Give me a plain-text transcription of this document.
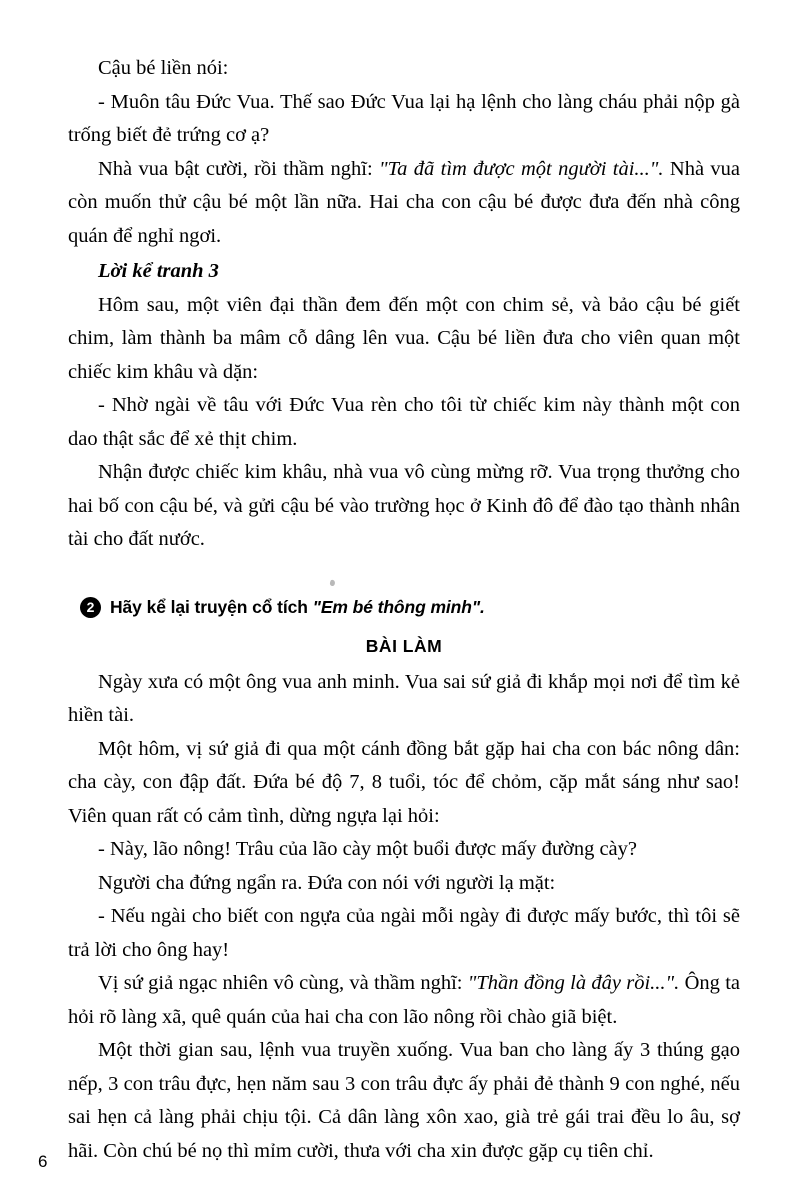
Cậu bé liền nói:

- Muôn tâu Đức Vua. Thế sao Đức Vua lại hạ lệnh cho làng cháu phải nộp gà trống biết đẻ trứng cơ ạ?

Nhà vua bật cười, rồi thầm nghĩ: "Ta đã tìm được một người tài...". Nhà vua còn muốn thử cậu bé một lần nữa. Hai cha con cậu bé được đưa đến nhà công quán để nghỉ ngơi.

Lời kể tranh 3

Hôm sau, một viên đại thần đem đến một con chim sẻ, và bảo cậu bé giết chim, làm thành ba mâm cỗ dâng lên vua. Cậu bé liền đưa cho viên quan một chiếc kim khâu và dặn:

- Nhờ ngài về tâu với Đức Vua rèn cho tôi từ chiếc kim này thành một con dao thật sắc để xẻ thịt chim.

Nhận được chiếc kim khâu, nhà vua vô cùng mừng rỡ. Vua trọng thưởng cho hai bố con cậu bé, và gửi cậu bé vào trường học ở Kinh đô để đào tạo thành nhân tài cho đất nước.

2 Hãy kể lại truyện cổ tích "Em bé thông minh".
BÀI LÀM

Ngày xưa có một ông vua anh minh. Vua sai sứ giả đi khắp mọi nơi để tìm kẻ hiền tài.

Một hôm, vị sứ giả đi qua một cánh đồng bắt gặp hai cha con bác nông dân: cha cày, con đập đất. Đứa bé độ 7, 8 tuổi, tóc để chỏm, cặp mắt sáng như sao! Viên quan rất có cảm tình, dừng ngựa lại hỏi:

- Này, lão nông! Trâu của lão cày một buổi được mấy đường cày?

Người cha đứng ngẩn ra. Đứa con nói với người lạ mặt:

- Nếu ngài cho biết con ngựa của ngài mỗi ngày đi được mấy bước, thì tôi sẽ trả lời cho ông hay!

Vị sứ giả ngạc nhiên vô cùng, và thầm nghĩ: "Thần đồng là đây rồi...". Ông ta hỏi rõ làng xã, quê quán của hai cha con lão nông rồi chào giã biệt.

Một thời gian sau, lệnh vua truyền xuống. Vua ban cho làng ấy 3 thúng gạo nếp, 3 con trâu đực, hẹn năm sau 3 con trâu đực ấy phải đẻ thành 9 con nghé, nếu sai hẹn cả làng phải chịu tội. Cả dân làng xôn xao, già trẻ gái trai đều lo âu, sợ hãi. Còn chú bé nọ thì mỉm cười, thưa với cha xin được gặp cụ tiên chỉ.

6
